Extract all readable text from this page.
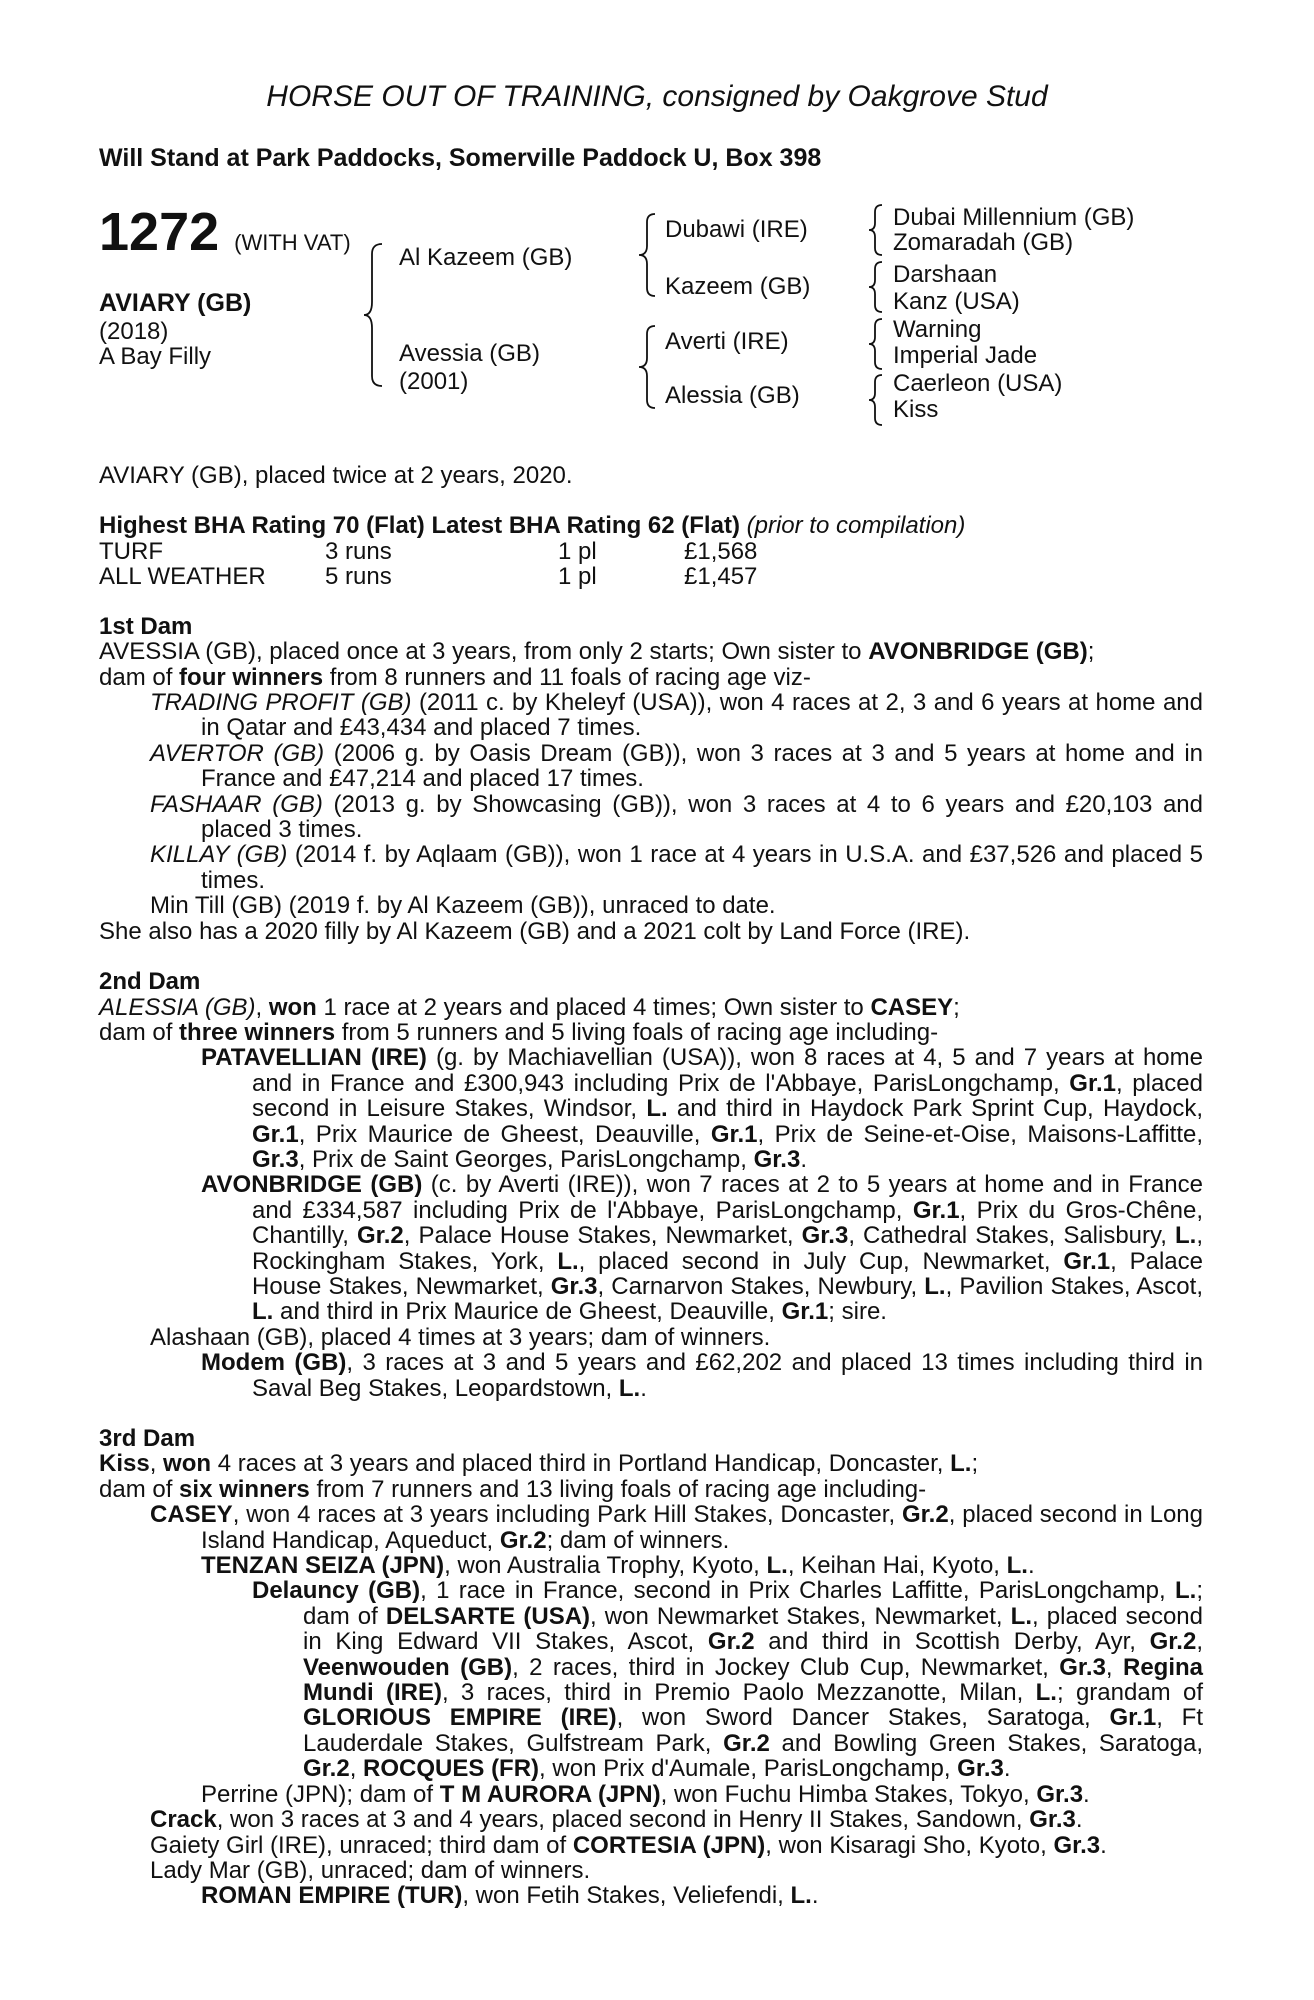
HORSE OUT OF TRAINING, consigned by Oakgrove Stud
Will Stand at Park Paddocks, Somerville Paddock U, Box 398
1272 (WITH VAT)
AVIARY (GB)
(2018)
A Bay Filly
Al Kazeem (GB)
Avessia (GB)
(2001)
Dubawi (IRE)
Kazeem (GB)
Averti (IRE)
Alessia (GB)
Dubai Millennium (GB)
Zomaradah (GB)
Darshaan
Kanz (USA)
Warning
Imperial Jade
Caerleon (USA)
Kiss

AVIARY (GB), placed twice at 2 years, 2020.

Highest BHA Rating 70 (Flat) Latest BHA Rating 62 (Flat) (prior to compilation)

TURF	3 runs	1 pl	£1,568
ALL WEATHER	5 runs	1 pl	£1,457

1st Dam

AVESSIA (GB), placed once at 3 years, from only 2 starts; Own sister to AVONBRIDGE (GB);

dam of four winners from 8 runners and 11 foals of racing age viz-

TRADING PROFIT (GB) (2011 c. by Kheleyf (USA)), won 4 races at 2, 3 and 6 years at home and in Qatar and £43,434 and placed 7 times.

AVERTOR (GB) (2006 g. by Oasis Dream (GB)), won 3 races at 3 and 5 years at home and in France and £47,214 and placed 17 times.

FASHAAR (GB) (2013 g. by Showcasing (GB)), won 3 races at 4 to 6 years and £20,103 and placed 3 times.

KILLAY (GB) (2014 f. by Aqlaam (GB)), won 1 race at 4 years in U.S.A. and £37,526 and placed 5 times.

Min Till (GB) (2019 f. by Al Kazeem (GB)), unraced to date.

She also has a 2020 filly by Al Kazeem (GB) and a 2021 colt by Land Force (IRE).

2nd Dam

ALESSIA (GB), won 1 race at 2 years and placed 4 times; Own sister to CASEY;

dam of three winners from 5 runners and 5 living foals of racing age including-

PATAVELLIAN (IRE) (g. by Machiavellian (USA)), won 8 races at 4, 5 and 7 years at home and in France and £300,943 including Prix de l'Abbaye, ParisLongchamp, Gr.1, placed second in Leisure Stakes, Windsor, L. and third in Haydock Park Sprint Cup, Haydock, Gr.1, Prix Maurice de Gheest, Deauville, Gr.1, Prix de Seine-et-Oise, Maisons-Laffitte, Gr.3, Prix de Saint Georges, ParisLongchamp, Gr.3.

AVONBRIDGE (GB) (c. by Averti (IRE)), won 7 races at 2 to 5 years at home and in France and £334,587 including Prix de l'Abbaye, ParisLongchamp, Gr.1, Prix du Gros-Chêne, Chantilly, Gr.2, Palace House Stakes, Newmarket, Gr.3, Cathedral Stakes, Salisbury, L., Rockingham Stakes, York, L., placed second in July Cup, Newmarket, Gr.1, Palace House Stakes, Newmarket, Gr.3, Carnarvon Stakes, Newbury, L., Pavilion Stakes, Ascot, L. and third in Prix Maurice de Gheest, Deauville, Gr.1; sire.

Alashaan (GB), placed 4 times at 3 years; dam of winners.

Modem (GB), 3 races at 3 and 5 years and £62,202 and placed 13 times including third in Saval Beg Stakes, Leopardstown, L..

3rd Dam

Kiss, won 4 races at 3 years and placed third in Portland Handicap, Doncaster, L.;

dam of six winners from 7 runners and 13 living foals of racing age including-

CASEY, won 4 races at 3 years including Park Hill Stakes, Doncaster, Gr.2, placed second in Long Island Handicap, Aqueduct, Gr.2; dam of winners.

TENZAN SEIZA (JPN), won Australia Trophy, Kyoto, L., Keihan Hai, Kyoto, L..

Delauncy (GB), 1 race in France, second in Prix Charles Laffitte, ParisLongchamp, L.; dam of DELSARTE (USA), won Newmarket Stakes, Newmarket, L., placed second in King Edward VII Stakes, Ascot, Gr.2 and third in Scottish Derby, Ayr, Gr.2, Veenwouden (GB), 2 races, third in Jockey Club Cup, Newmarket, Gr.3, Regina Mundi (IRE), 3 races, third in Premio Paolo Mezzanotte, Milan, L.; grandam of GLORIOUS EMPIRE (IRE), won Sword Dancer Stakes, Saratoga, Gr.1, Ft Lauderdale Stakes, Gulfstream Park, Gr.2 and Bowling Green Stakes, Saratoga, Gr.2, ROCQUES (FR), won Prix d'Aumale, ParisLongchamp, Gr.3.

Perrine (JPN); dam of T M AURORA (JPN), won Fuchu Himba Stakes, Tokyo, Gr.3.

Crack, won 3 races at 3 and 4 years, placed second in Henry II Stakes, Sandown, Gr.3.

Gaiety Girl (IRE), unraced; third dam of CORTESIA (JPN), won Kisaragi Sho, Kyoto, Gr.3.

Lady Mar (GB), unraced; dam of winners.

ROMAN EMPIRE (TUR), won Fetih Stakes, Veliefendi, L..
